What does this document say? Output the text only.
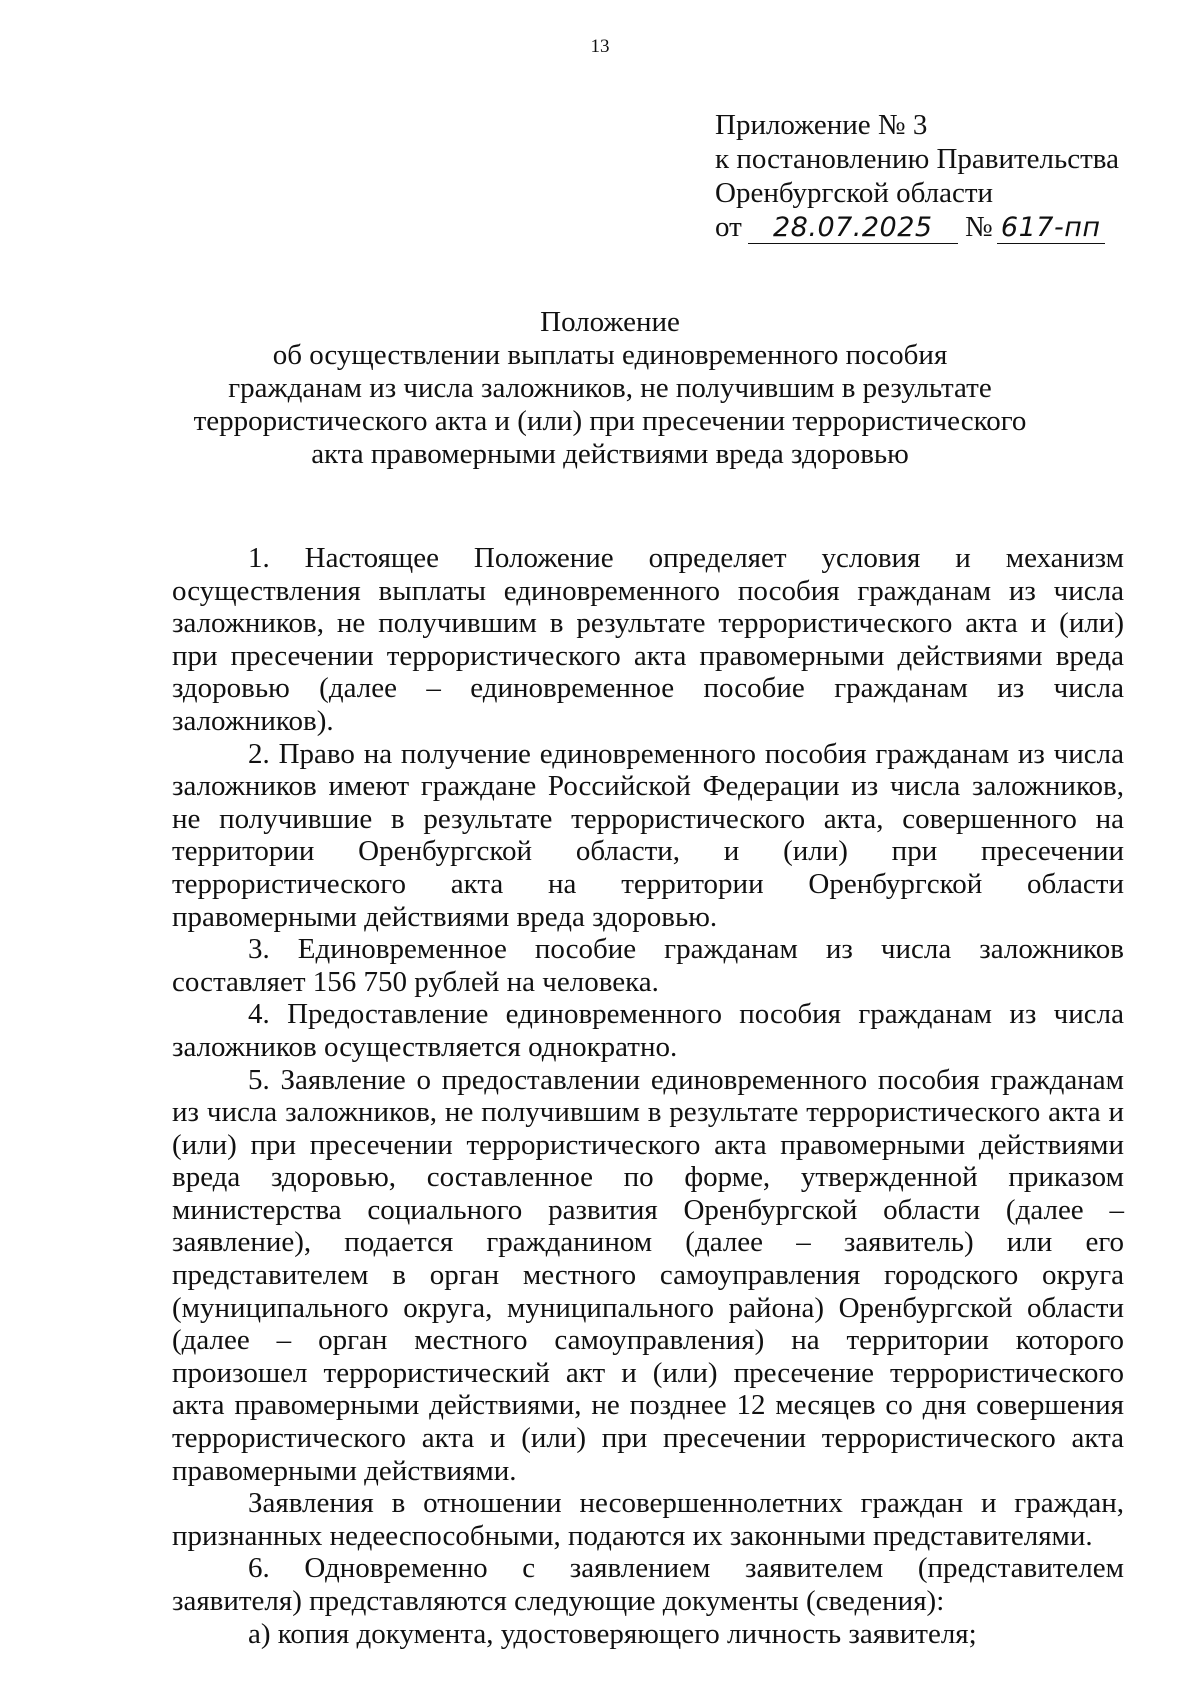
13
Приложение № 3
к постановлению Правительства
Оренбургской области
от 28.07.2025 № 617-пп
Положение
об осуществлении выплаты единовременного пособия
гражданам из числа заложников, не получившим в результате
террористического акта и (или) при пресечении террористического
акта правомерными действиями вреда здоровью

1. Настоящее Положение определяет условия и механизм осуществления выплаты единовременного пособия гражданам из числа заложников, не получившим в результате террористического акта и (или) при пресечении террористического акта правомерными действиями вреда здоровью (далее – единовременное пособие гражданам из числа заложников).

2. Право на получение единовременного пособия гражданам из числа заложников имеют граждане Российской Федерации из числа заложников, не получившие в результате террористического акта, совершенного на территории Оренбургской области, и (или) при пресечении террористического акта на территории Оренбургской области правомерными действиями вреда здоровью.

3. Единовременное пособие гражданам из числа заложников составляет 156 750 рублей на человека.

4. Предоставление единовременного пособия гражданам из числа заложников осуществляется однократно.

5. Заявление о предоставлении единовременного пособия гражданам из числа заложников, не получившим в результате террористического акта и (или) при пресечении террористического акта правомерными действиями вреда здоровью, составленное по форме, утвержденной приказом министерства социального развития Оренбургской области (далее – заявление), подается гражданином (далее – заявитель) или его представителем в орган местного самоуправления городского округа (муниципального округа, муниципального района) Оренбургской области (далее – орган местного самоуправления) на территории которого произошел террористический акт и (или) пресечение террористического акта правомерными действиями, не позднее 12 месяцев со дня совершения террористического акта и (или) при пресечении террористического акта правомерными действиями.

Заявления в отношении несовершеннолетних граждан и граждан, признанных недееспособными, подаются их законными представителями.

6. Одновременно с заявлением заявителем (представителем заявителя) представляются следующие документы (сведения):

а) копия документа, удостоверяющего личность заявителя;
